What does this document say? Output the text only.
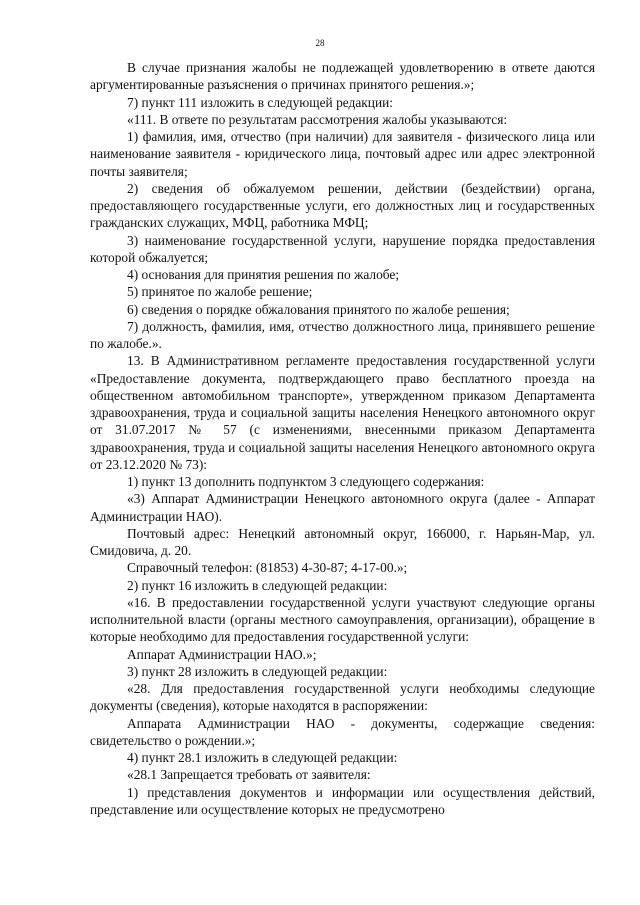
28

В случае признания жалобы не подлежащей удовлетворению в ответе даются аргументированные разъяснения о причинах принятого решения.»;

7) пункт 111 изложить в следующей редакции:

«111. В ответе по результатам рассмотрения жалобы указываются:

1) фамилия, имя, отчество (при наличии) для заявителя - физического лица или наименование заявителя - юридического лица, почтовый адрес или адрес электронной почты заявителя;

2) сведения об обжалуемом решении, действии (бездействии) органа, предоставляющего государственные услуги, его должностных лиц и государственных гражданских служащих, МФЦ, работника МФЦ;

3) наименование государственной услуги, нарушение порядка предоставления которой обжалуется;

4) основания для принятия решения по жалобе;

5) принятое по жалобе решение;

6) сведения о порядке обжалования принятого по жалобе решения;

7) должность, фамилия, имя, отчество должностного лица, принявшего решение по жалобе.».

13. В Административном регламенте предоставления государственной услуги «Предоставление документа, подтверждающего право бесплатного проезда на общественном автомобильном транспорте», утвержденном приказом Департамента здравоохранения, труда и социальной защиты населения Ненецкого автономного округ от 31.07.2017 № 57 (с изменениями, внесенными приказом Департамента здравоохранения, труда и социальной защиты населения Ненецкого автономного округа от 23.12.2020 № 73):

1) пункт 13 дополнить подпунктом 3 следующего содержания:

«3) Аппарат Администрации Ненецкого автономного округа (далее - Аппарат Администрации НАО).

Почтовый адрес: Ненецкий автономный округ, 166000, г. Нарьян-Мар, ул. Смидовича, д. 20.

Справочный телефон: (81853) 4-30-87; 4-17-00.»;

2) пункт 16 изложить в следующей редакции:

«16. В предоставлении государственной услуги участвуют следующие органы исполнительной власти (органы местного самоуправления, организации), обращение в которые необходимо для предоставления государственной услуги:

Аппарат Администрации НАО.»;

3) пункт 28 изложить в следующей редакции:

«28. Для предоставления государственной услуги необходимы следующие документы (сведения), которые находятся в распоряжении:

Аппарата Администрации НАО - документы, содержащие сведения: свидетельство о рождении.»;

4) пункт 28.1 изложить в следующей редакции:

«28.1 Запрещается требовать от заявителя:

1) представления документов и информации или осуществления действий, представление или осуществление которых не предусмотрено
